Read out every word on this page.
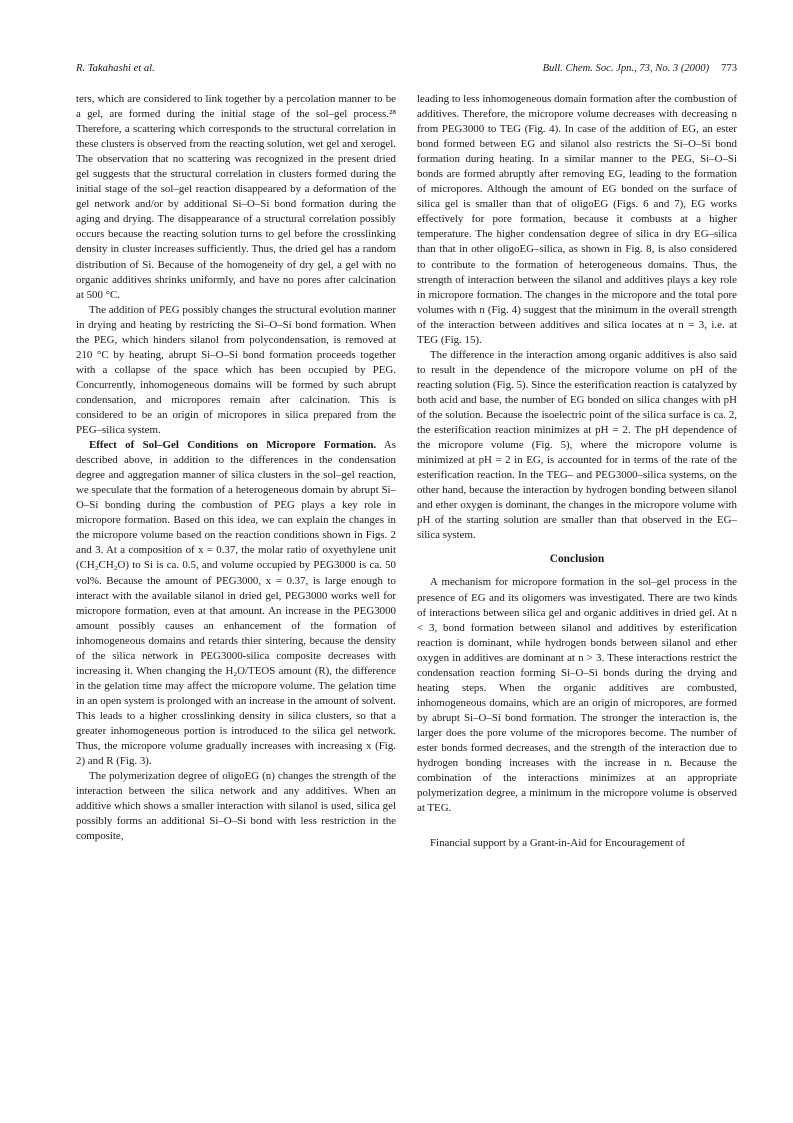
R. Takahashi et al.	Bull. Chem. Soc. Jpn., 73, No. 3 (2000) 773

ters, which are considered to link together by a percolation manner to be a gel, are formed during the initial stage of the sol–gel process.²⁸ Therefore, a scattering which corresponds to the structural correlation in these clusters is observed from the reacting solution, wet gel and xerogel. The observation that no scattering was recognized in the present dried gel suggests that the structural correlation in clusters formed during the initial stage of the sol–gel reaction disappeared by a deformation of the gel network and/or by additional Si–O–Si bond formation during the aging and drying. The disappearance of a structural correlation possibly occurs because the reacting solution turns to gel before the crosslinking density in cluster increases sufficiently. Thus, the dried gel has a random distribution of Si. Because of the homogeneity of dry gel, a gel with no organic additives shrinks uniformly, and have no pores after calcination at 500 °C.

The addition of PEG possibly changes the structural evolution manner in drying and heating by restricting the Si–O–Si bond formation. When the PEG, which hinders silanol from polycondensation, is removed at 210 °C by heating, abrupt Si–O–Si bond formation proceeds together with a collapse of the space which has been occupied by PEG. Concurrently, inhomogeneous domains will be formed by such abrupt condensation, and micropores remain after calcination. This is considered to be an origin of micropores in silica prepared from the PEG–silica system.

Effect of Sol–Gel Conditions on Micropore Formation. As described above, in addition to the differences in the condensation degree and aggregation manner of silica clusters in the sol–gel reaction, we speculate that the formation of a heterogeneous domain by abrupt Si–O–Si bonding during the combustion of PEG plays a key role in micropore formation. Based on this idea, we can explain the changes in the micropore volume based on the reaction conditions shown in Figs. 2 and 3. At a composition of x = 0.37, the molar ratio of oxyethylene unit (CH₂CH₂O) to Si is ca. 0.5, and volume occupied by PEG3000 is ca. 50 vol%. Because the amount of PEG3000, x = 0.37, is large enough to interact with the available silanol in dried gel, PEG3000 works well for micropore formation, even at that amount. An increase in the PEG3000 amount possibly causes an enhancement of the formation of inhomogeneous domains and retards thier sintering, because the density of the silica network in PEG3000-silica composite decreases with increasing it. When changing the H₂O/TEOS amount (R), the difference in the gelation time may affect the micropore volume. The gelation time in an open system is prolonged with an increase in the amount of solvent. This leads to a higher crosslinking density in silica clusters, so that a greater inhomogeneous portion is introduced to the silica gel network. Thus, the micropore volume gradually increases with increasing x (Fig. 2) and R (Fig. 3).

The polymerization degree of oligoEG (n) changes the strength of the interaction between the silica network and any additives. When an additive which shows a smaller interaction with silanol is used, silica gel possibly forms an additional Si–O–Si bond with less restriction in the composite,

leading to less inhomogeneous domain formation after the combustion of additives. Therefore, the micropore volume decreases with decreasing n from PEG3000 to TEG (Fig. 4). In case of the addition of EG, an ester bond formed between EG and silanol also restricts the Si–O–Si bond formation during heating. In a similar manner to the PEG, Si–O–Si bonds are formed abruptly after removing EG, leading to the formation of micropores. Although the amount of EG bonded on the surface of silica gel is smaller than that of oligoEG (Figs. 6 and 7), EG works effectively for pore formation, because it combusts at a higher temperature. The higher condensation degree of silica in dry EG–silica than that in other oligoEG–silica, as shown in Fig. 8, is also considered to contribute to the formation of heterogeneous domains. Thus, the strength of interaction between the silanol and additives plays a key role in micropore formation. The changes in the micropore and the total pore volumes with n (Fig. 4) suggest that the minimum in the overall strength of the interaction between additives and silica locates at n = 3, i.e. at TEG (Fig. 15).

The difference in the interaction among organic additives is also said to result in the dependence of the micropore volume on pH of the reacting solution (Fig. 5). Since the esterification reaction is catalyzed by both acid and base, the number of EG bonded on silica changes with pH of the solution. Because the isoelectric point of the silica surface is ca. 2, the esterification reaction minimizes at pH = 2. The pH dependence of the micropore volume (Fig. 5), where the micropore volume is minimized at pH = 2 in EG, is accounted for in terms of the rate of the esterification reaction. In the TEG– and PEG3000–silica systems, on the other hand, because the interaction by hydrogen bonding between silanol and ether oxygen is dominant, the changes in the micropore volume with pH of the starting solution are smaller than that observed in the EG–silica system.

Conclusion

A mechanism for micropore formation in the sol–gel process in the presence of EG and its oligomers was investigated. There are two kinds of interactions between silica gel and organic additives in dried gel. At n < 3, bond formation between silanol and additives by esterification reaction is dominant, while hydrogen bonds between silanol and ether oxygen in additives are dominant at n > 3. These interactions restrict the condensation reaction forming Si–O–Si bonds during the drying and heating steps. When the organic additives are combusted, inhomogeneous domains, which are an origin of micropores, are formed by abrupt Si–O–Si bond formation. The stronger the interaction is, the larger does the pore volume of the micropores become. The number of ester bonds formed decreases, and the strength of the interaction due to hydrogen bonding increases with the increase in n. Because the combination of the interactions minimizes at an appropriate polymerization degree, a minimum in the micropore volume is observed at TEG.

Financial support by a Grant-in-Aid for Encouragement of
